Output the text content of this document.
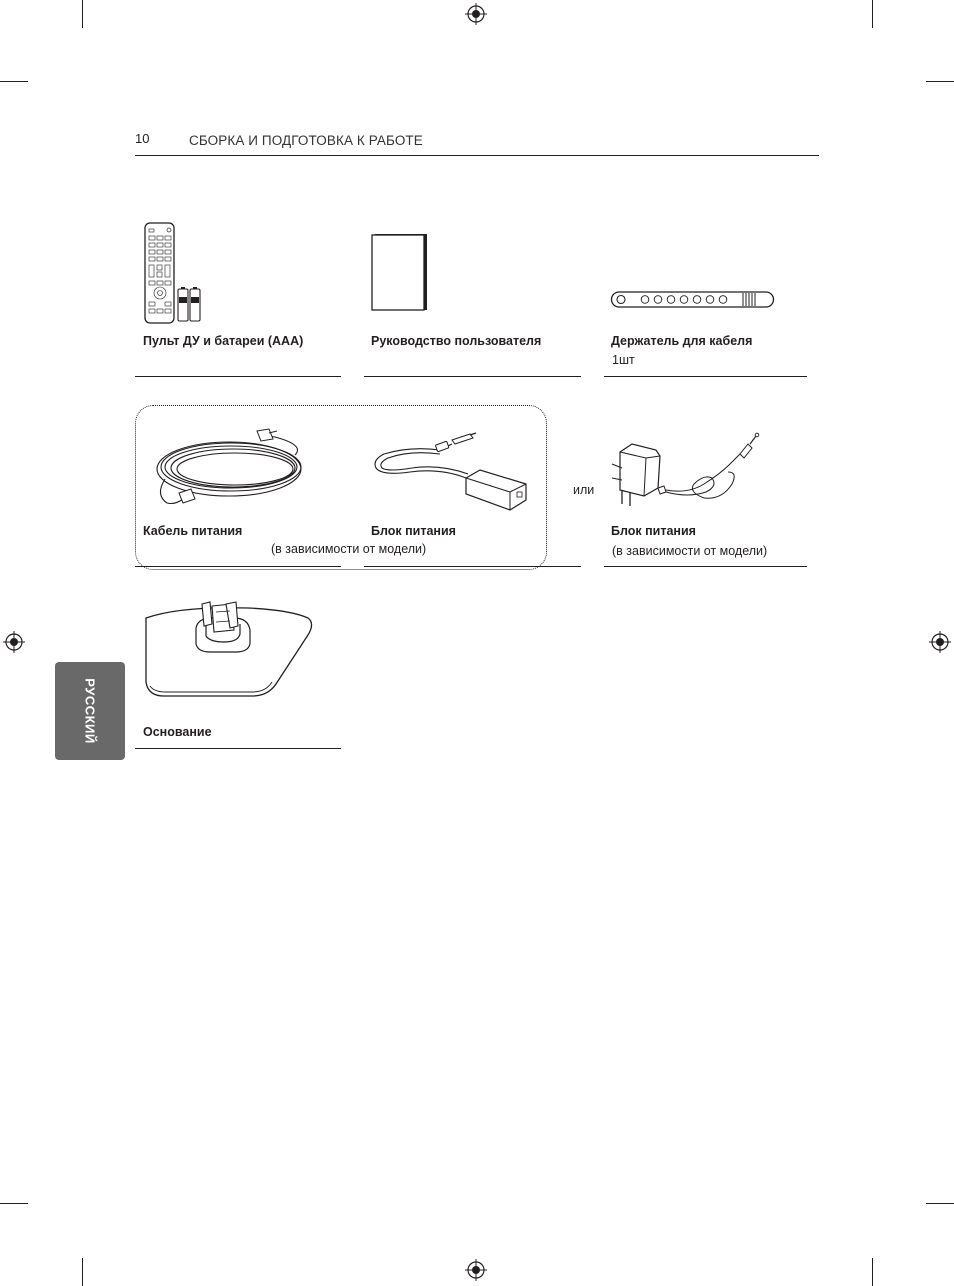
10	СБОРКА И ПОДГОТОВКА К РАБОТЕ
Пульт ДУ и батареи (AAA)	Руководство пользователя	Держатель для кабеля
1шт
Кабель питания	Блок питания
(в зависимости от модели)
или
Блок питания
(в зависимости от модели)
Основание
РУССКИЙ
